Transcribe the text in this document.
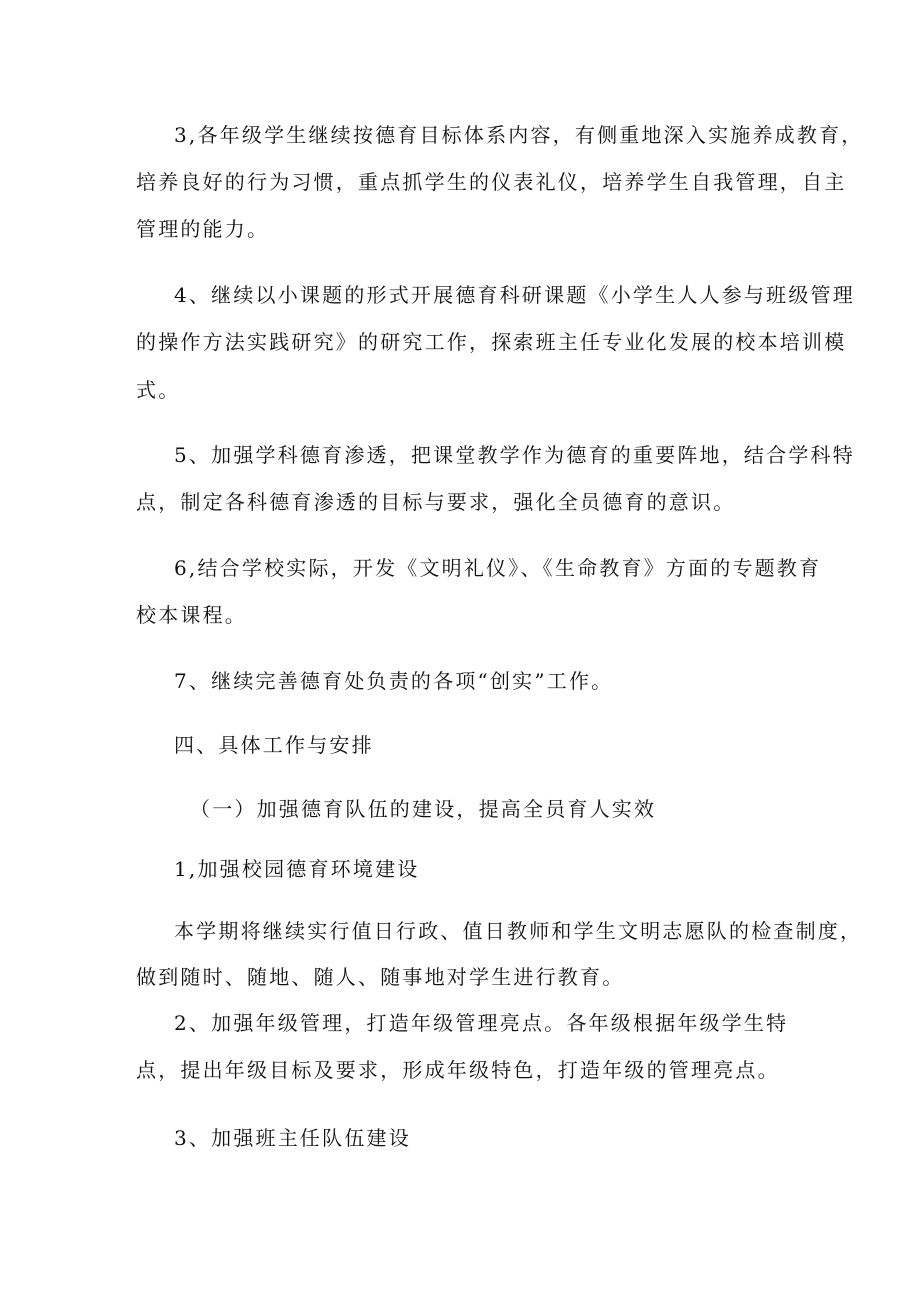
3,各年级学生继续按德育目标体系内容，有侧重地深入实施养成教育，
培养良好的行为习惯，重点抓学生的仪表礼仪，培养学生自我管理，自主
管理的能力。
4、继续以小课题的形式开展德育科研课题《小学生人人参与班级管理
的操作方法实践研究》的研究工作，探索班主任专业化发展的校本培训模
式。
5、加强学科德育渗透，把课堂教学作为德育的重要阵地，结合学科特
点，制定各科德育渗透的目标与要求，强化全员德育的意识。
6,结合学校实际，开发《文明礼仪》、《生命教育》方面的专题教育
校本课程。
7、继续完善德育处负责的各项“创实”工作。
四、具体工作与安排
（一）加强德育队伍的建设，提高全员育人实效
1,加强校园德育环境建设
本学期将继续实行值日行政、值日教师和学生文明志愿队的检查制度，
做到随时、随地、随人、随事地对学生进行教育。
2、加强年级管理，打造年级管理亮点。各年级根据年级学生特
点，提出年级目标及要求，形成年级特色，打造年级的管理亮点。
3、加强班主任队伍建设
